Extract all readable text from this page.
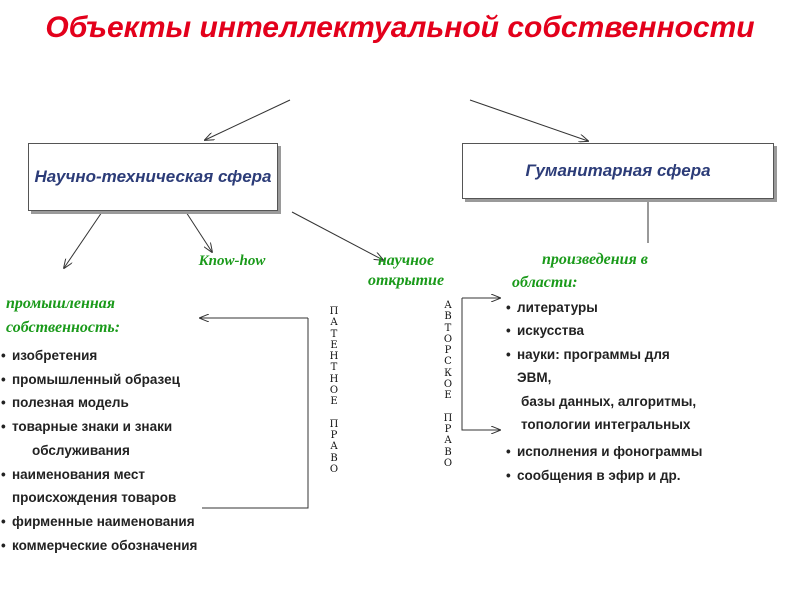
Объекты интеллектуальной собственности
Научно-техническая сфера	Гуманитарная сфера
Know-how	научное открытие
промышленная собственность:
произведения в области:
• изобретения
• промышленный образец
• полезная модель
• товарные знаки и знаки
обслуживания
• наименования мест
происхождения товаров
• фирменные наименования
• коммерческие обозначения
П
А
Т
Е
Н
Т
Н
О
Е
П
Р
А
В
О
А
В
Т
О
Р
С
К
О
Е
П
Р
А
В
О
• литературы
• искусства
• науки: программы для
ЭВМ,
базы данных, алгоритмы,
топологии интегральных
• исполнения и фонограммы
• сообщения в эфир и др.
